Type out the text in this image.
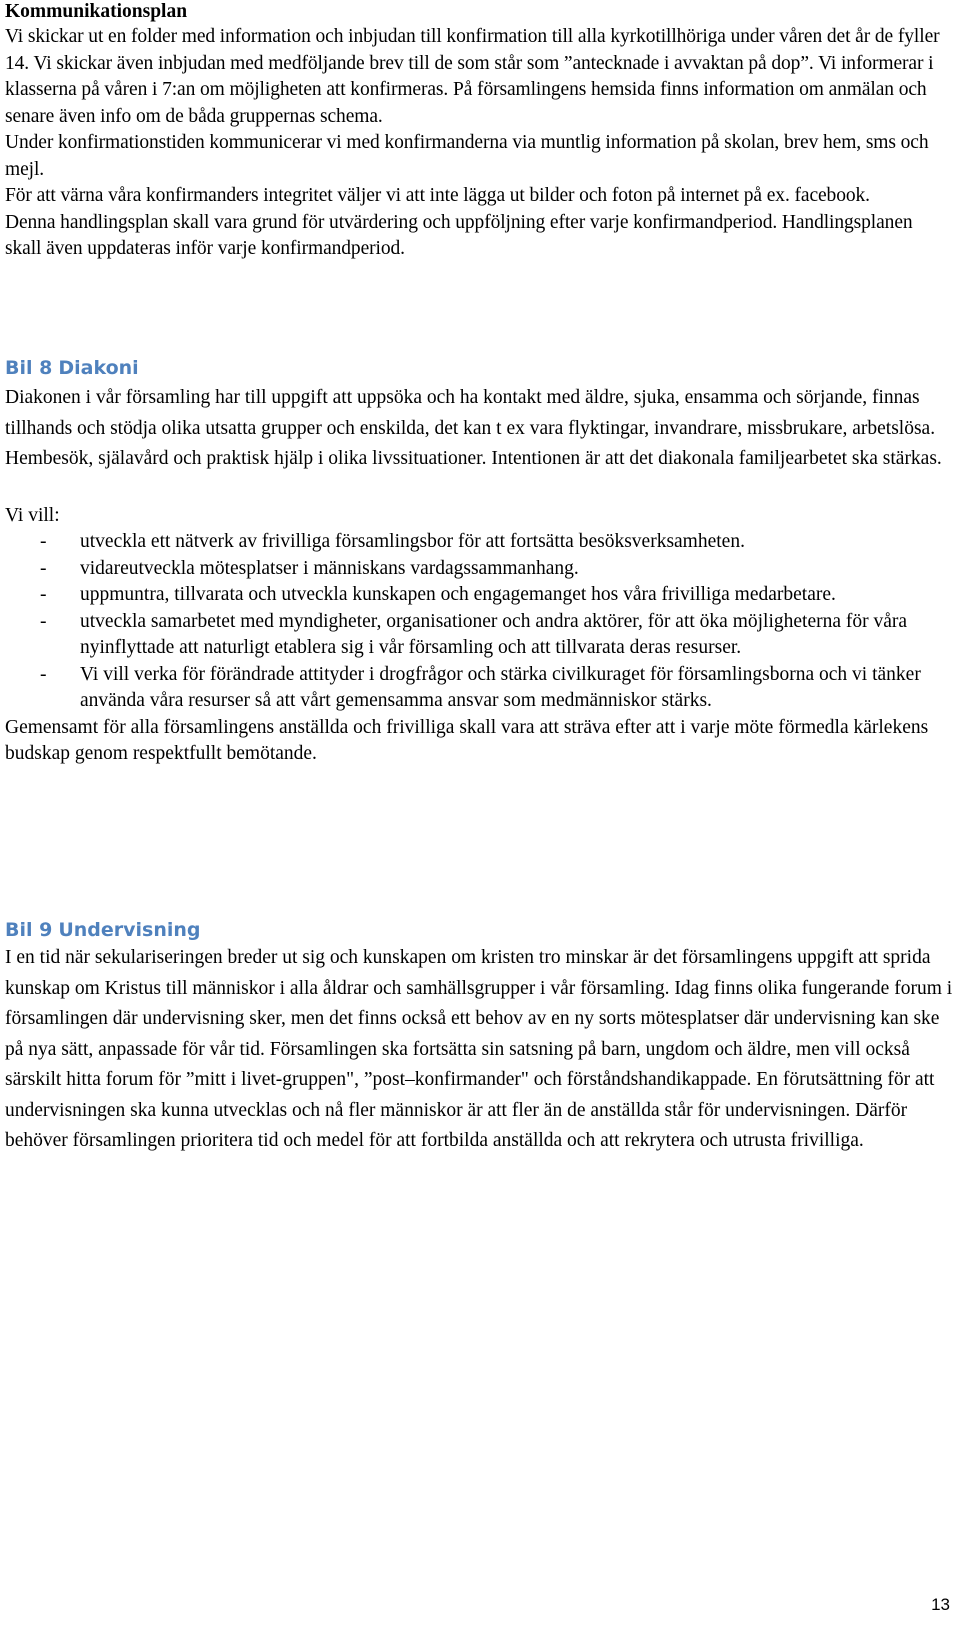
Kommunikationsplan

Vi skickar ut en folder med information och inbjudan till konfirmation till alla kyrkotillhöriga under våren det år de fyller 14. Vi skickar även inbjudan med medföljande brev till de som står som ”antecknade i avvaktan på dop”. Vi informerar i klasserna på våren i 7:an om möjligheten att konfirmeras. På församlingens hemsida finns information om anmälan och senare även info om de båda gruppernas schema.

Under konfirmationstiden kommunicerar vi med konfirmanderna via muntlig information på skolan, brev hem, sms och mejl.

För att värna våra konfirmanders integritet väljer vi att inte lägga ut bilder och foton på internet på ex. facebook.

Denna handlingsplan skall vara grund för utvärdering och uppföljning efter varje konfirmandperiod. Handlingsplanen skall även uppdateras inför varje konfirmandperiod.

Bil 8 Diakoni

Diakonen i vår församling har till uppgift att uppsöka och ha kontakt med äldre, sjuka, ensamma och sörjande, finnas tillhands och stödja olika utsatta grupper och enskilda, det kan t ex vara flyktingar, invandrare, missbrukare, arbetslösa. Hembesök, själavård och praktisk hjälp i olika livssituationer. Intentionen är att det diakonala familjearbetet ska stärkas.

Vi vill:

- utveckla ett nätverk av frivilliga församlingsbor för att fortsätta besöksverksamheten.
- vidareutveckla mötesplatser i människans vardagssammanhang.
- uppmuntra, tillvarata och utveckla kunskapen och engagemanget hos våra frivilliga medarbetare.
- utveckla samarbetet med myndigheter, organisationer och andra aktörer, för att öka möjligheterna för våra nyinflyttade att naturligt etablera sig i vår församling och att tillvarata deras resurser.
- Vi vill verka för förändrade attityder i drogfrågor och stärka civilkuraget för församlingsborna och vi tänker använda våra resurser så att vårt gemensamma ansvar som medmänniskor stärks.

Gemensamt för alla församlingens anställda och frivilliga skall vara att sträva efter att i varje möte förmedla kärlekens budskap genom respektfullt bemötande.

Bil 9 Undervisning

I en tid när sekulariseringen breder ut sig och kunskapen om kristen tro minskar är det församlingens uppgift att sprida kunskap om Kristus till människor i alla åldrar och samhällsgrupper i vår församling. Idag finns olika fungerande forum i församlingen där undervisning sker, men det finns också ett behov av en ny sorts mötesplatser där undervisning kan ske på nya sätt, anpassade för vår tid. Församlingen ska fortsätta sin satsning på barn, ungdom och äldre, men vill också särskilt hitta forum för ”mitt i livet-gruppen", ”post–konfirmander" och förståndshandikappade. En förutsättning för att undervisningen ska kunna utvecklas och nå fler människor är att fler än de anställda står för undervisningen. Därför behöver församlingen prioritera tid och medel för att fortbilda anställda och att rekrytera och utrusta frivilliga.

13
